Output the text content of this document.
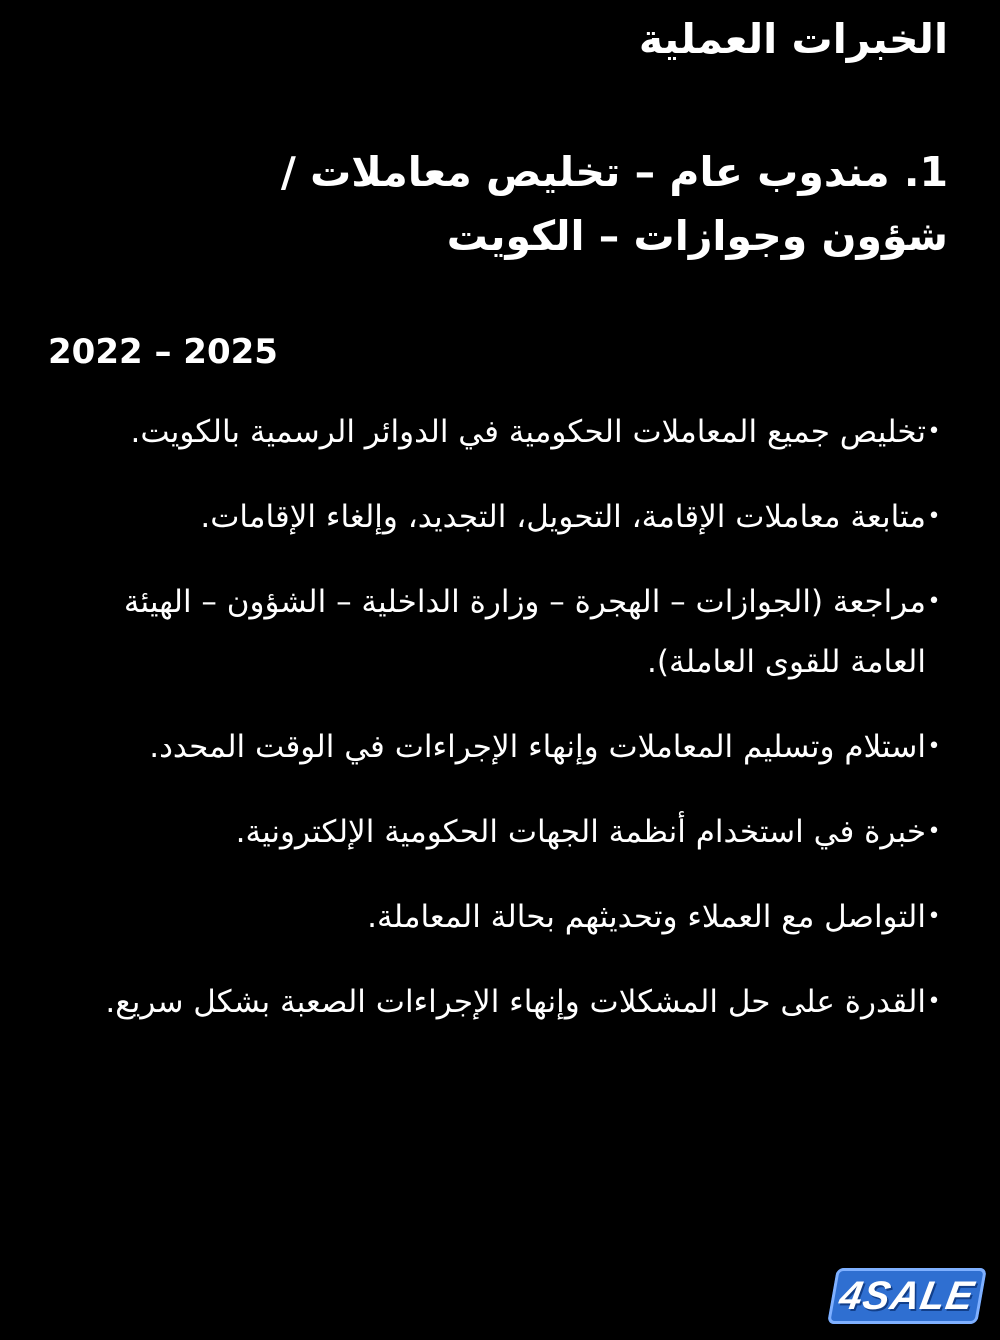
الخبرات العملية
1. مندوب عام – تخليص معاملات / شؤون وجوازات – الكويت
2022 – 2025
•
تخليص جميع المعاملات الحكومية في الدوائر الرسمية بالكويت.
•
متابعة معاملات الإقامة، التحويل، التجديد، وإلغاء الإقامات.
•
مراجعة (الجوازات – الهجرة – وزارة الداخلية – الشؤون – الهيئة العامة للقوى العاملة).
•
استلام وتسليم المعاملات وإنهاء الإجراءات في الوقت المحدد.
•
خبرة في استخدام أنظمة الجهات الحكومية الإلكترونية.
•
التواصل مع العملاء وتحديثهم بحالة المعاملة.
•
القدرة على حل المشكلات وإنهاء الإجراءات الصعبة بشكل سريع.
4SALE
